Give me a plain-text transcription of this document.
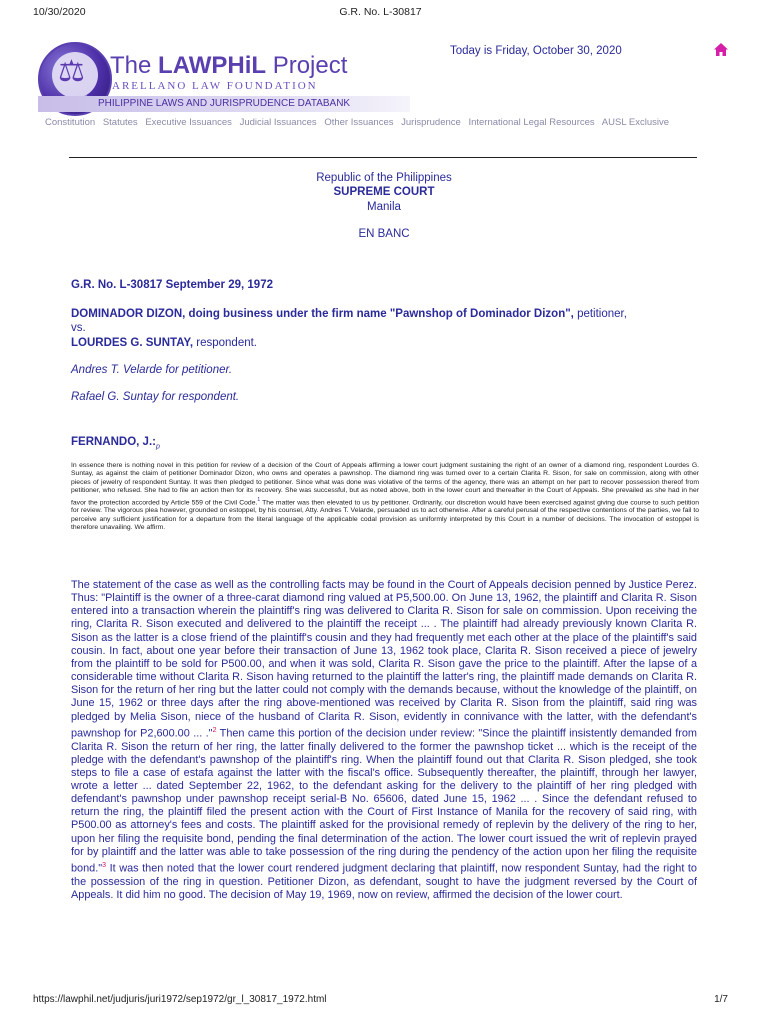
10/30/2020	G.R. No. L-30817
⚖ The LAWPHiL Project
ARELLANO LAW FOUNDATION
PHILIPPINE LAWS AND JURISPRUDENCE DATABANK
Today is Friday, October 30, 2020
Constitution Statutes Executive Issuances Judicial Issuances Other Issuances Jurisprudence International Legal Resources AUSL Exclusive
Republic of the Philippines
SUPREME COURT
Manila
EN BANC
G.R. No. L-30817 September 29, 1972
DOMINADOR DIZON, doing business under the firm name "Pawnshop of Dominador Dizon", petitioner,
vs.
LOURDES G. SUNTAY, respondent.
Andres T. Velarde for petitioner.
Rafael G. Suntay for respondent.
FERNANDO, $J.:_p$
In essence there is nothing novel in this petition for review of a decision of the Court of Appeals affirming a lower court judgment sustaining the right of an owner of a diamond ring, respondent Lourdes G. Suntay, as against the claim of petitioner Dominador Dizon, who owns and operates a pawnshop. The diamond ring was turned over to a certain Clarita R. Sison, for sale on commission, along with other pieces of jewelry of respondent Suntay. It was then pledged to petitioner. Since what was done was violative of the terms of the agency, there was an attempt on her part to recover possession thereof from petitioner, who refused. She had to file an action then for its recovery. She was successful, but as noted above, both in the lower court and thereafter in the Court of Appeals. She prevailed as she had in her favor the protection accorded by Article 559 of the Civil Code.$^1$ The matter was then elevated to us by petitioner. Ordinarily, our discretion would have been exercised against giving due course to such petition for review. The vigorous plea however, grounded on estoppel, by his counsel, Atty. Andres T. Velarde, persuaded us to act otherwise. After a careful perusal of the respective contentions of the parties, we fail to perceive any sufficient justification for a departure from the literal language of the applicable codal provision as uniformly interpreted by this Court in a number of decisions. The invocation of estoppel is therefore unavailing. We affirm.
The statement of the case as well as the controlling facts may be found in the Court of Appeals decision penned by Justice Perez. Thus: "Plaintiff is the owner of a three-carat diamond ring valued at P5,500.00. On June 13, 1962, the plaintiff and Clarita R. Sison entered into a transaction wherein the plaintiff's ring was delivered to Clarita R. Sison for sale on commission. Upon receiving the ring, Clarita R. Sison executed and delivered to the plaintiff the receipt ... . The plaintiff had already previously known Clarita R. Sison as the latter is a close friend of the plaintiff's cousin and they had frequently met each other at the place of the plaintiff's said cousin. In fact, about one year before their transaction of June 13, 1962 took place, Clarita R. Sison received a piece of jewelry from the plaintiff to be sold for P500.00, and when it was sold, Clarita R. Sison gave the price to the plaintiff. After the lapse of a considerable time without Clarita R. Sison having returned to the plaintiff the latter's ring, the plaintiff made demands on Clarita R. Sison for the return of her ring but the latter could not comply with the demands because, without the knowledge of the plaintiff, on June 15, 1962 or three days after the ring above-mentioned was received by Clarita R. Sison from the plaintiff, said ring was pledged by Melia Sison, niece of the husband of Clarita R. Sison, evidently in connivance with the latter, with the defendant's pawnshop for P2,600.00 ... ."$^2$ Then came this portion of the decision under review: "Since the plaintiff insistently demanded from Clarita R. Sison the return of her ring, the latter finally delivered to the former the pawnshop ticket ... which is the receipt of the pledge with the defendant's pawnshop of the plaintiff's ring. When the plaintiff found out that Clarita R. Sison pledged, she took steps to file a case of estafa against the latter with the fiscal's office. Subsequently thereafter, the plaintiff, through her lawyer, wrote a letter ... dated September 22, 1962, to the defendant asking for the delivery to the plaintiff of her ring pledged with defendant's pawnshop under pawnshop receipt serial-B No. 65606, dated June 15, 1962 ... . Since the defendant refused to return the ring, the plaintiff filed the present action with the Court of First Instance of Manila for the recovery of said ring, with P500.00 as attorney's fees and costs. The plaintiff asked for the provisional remedy of replevin by the delivery of the ring to her, upon her filing the requisite bond, pending the final determination of the action. The lower court issued the writ of replevin prayed for by plaintiff and the latter was able to take possession of the ring during the pendency of the action upon her filing the requisite bond."$^3$ It was then noted that the lower court rendered judgment declaring that plaintiff, now respondent Suntay, had the right to the possession of the ring in question. Petitioner Dizon, as defendant, sought to have the judgment reversed by the Court of Appeals. It did him no good. The decision of May 19, 1969, now on review, affirmed the decision of the lower court.
https://lawphil.net/judjuris/juri1972/sep1972/gr_l_30817_1972.html	1/7
